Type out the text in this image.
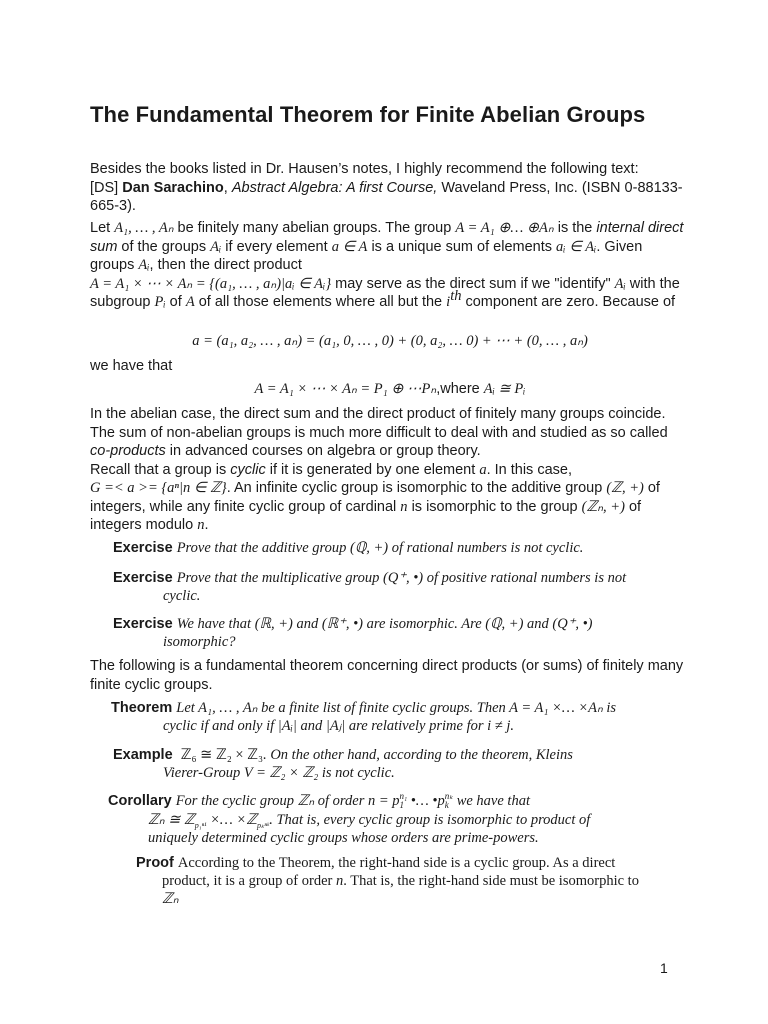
The Fundamental Theorem for Finite Abelian Groups
Besides the books listed in Dr. Hausen’s notes, I highly recommend the following text:
[DS] Dan Sarachino, Abstract Algebra: A first Course, Waveland Press, Inc. (ISBN 0-88133-665-3).
Let A₁, … , Aₙ be finitely many abelian groups. The group A = A₁ ⊕… ⊕Aₙ is the internal direct sum of the groups Aᵢ if every element a ∈ A is a unique sum of elements aᵢ ∈ Aᵢ. Given groups Aᵢ, then the direct product
A = A₁ × ⋯ × Aₙ = {(a₁, … , aₙ)|aᵢ ∈ Aᵢ} may serve as the direct sum if we "identify" Aᵢ with the subgroup Pᵢ of A of all those elements where all but the $i^{th}$ component are zero. Because of
a = (a₁, a₂, … , aₙ) = (a₁, 0, … , 0) + (0, a₂, … 0) + ⋯ + (0, … , aₙ)
we have that
A = A₁ × ⋯ × Aₙ = P₁ ⊕ ⋯Pₙ,where Aᵢ ≅ Pᵢ
In the abelian case, the direct sum and the direct product of finitely many groups coincide. The sum of non-abelian groups is much more difficult to deal with and studied as so called co-products in advanced courses on algebra or group theory.
Recall that a group is cyclic if it is generated by one element a. In this case,
G =< a >= {aⁿ|n ∈ ℤ}. An infinite cyclic group is isomorphic to the additive group (ℤ, +) of integers, while any finite cyclic group of cardinal n is isomorphic to the group (ℤₙ, +) of integers modulo n.
Exercise Prove that the additive group (ℚ, +) of rational numbers is not cyclic.
Exercise Prove that the multiplicative group (Q⁺, •) of positive rational numbers is not
cyclic.
Exercise We have that (ℝ, +) and (ℝ⁺, •) are isomorphic. Are (ℚ, +) and (Q⁺, •)
isomorphic?
The following is a fundamental theorem concerning direct products (or sums) of finitely many finite cyclic groups.
Theorem Let A₁, … , Aₙ be a finite list of finite cyclic groups. Then A = A₁ ×… ×Aₙ is
cyclic if and only if |Aᵢ| and |Aⱼ| are relatively prime for i ≠ j.
Example ℤ₆ ≅ ℤ₂ × ℤ₃. On the other hand, according to the theorem, Kleins
Vierer-Group V = ℤ₂ × ℤ₂ is not cyclic.
Corollary For the cyclic group ℤₙ of order n = p n₁
1 •… •p nₖ
k we have that
ℤₙ ≅ ℤ$_{p_1^{n1}}$ ×… ×ℤ$_{p_k^nᵏ}$. That is, every cyclic group is isomorphic to product of
uniquely determined cyclic groups whose orders are prime-powers.
Proof According to the Theorem, the right-hand side is a cyclic group. As a direct
product, it is a group of order n. That is, the right-hand side must be isomorphic to
ℤₙ
1
